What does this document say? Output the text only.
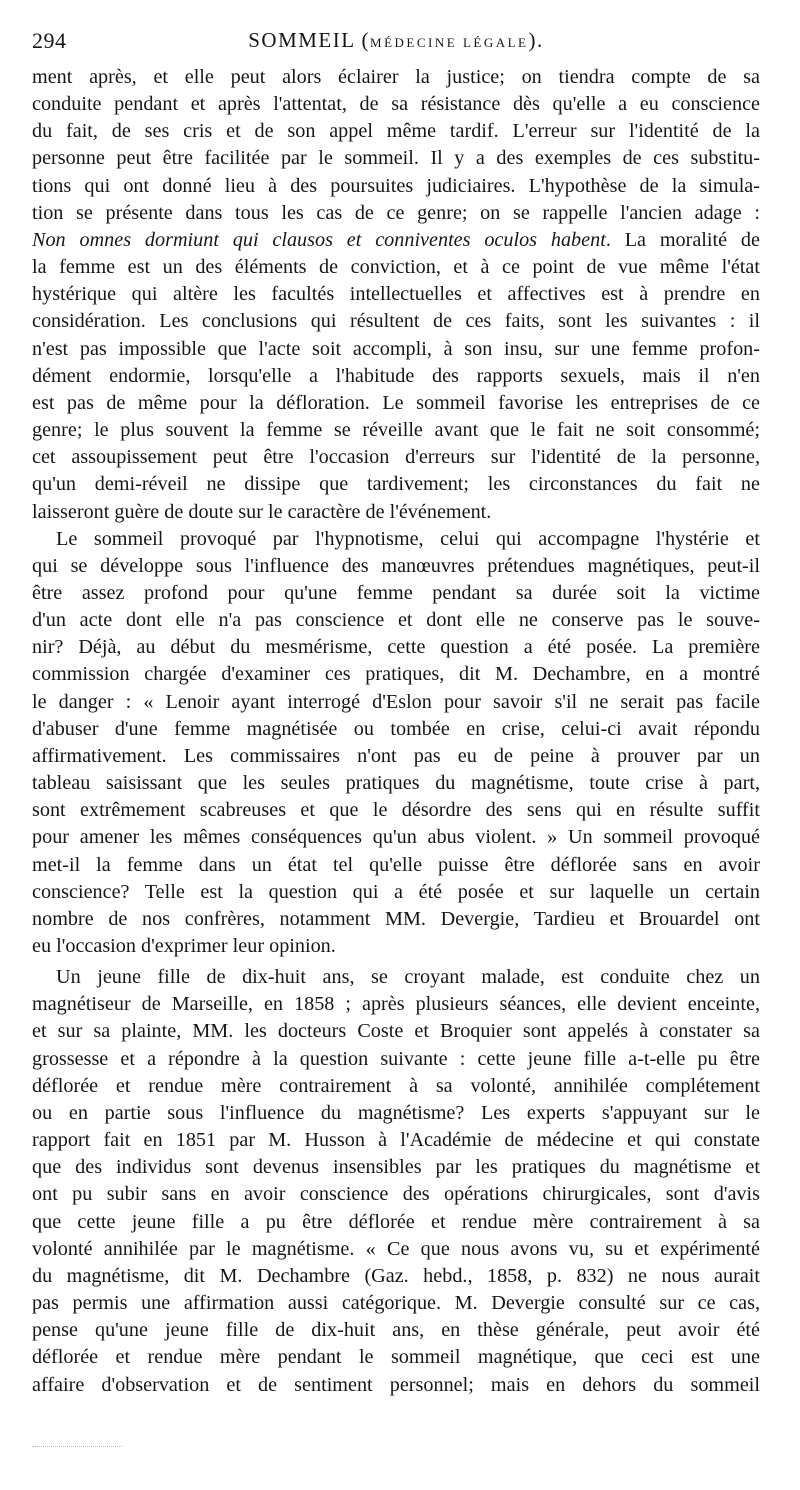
294	SOMMEIL (MÉDECINE LÉGALE).

ment après, et elle peut alors éclairer la justice; on tiendra compte de sa

conduite pendant et après l'attentat, de sa résistance dès qu'elle a eu conscience

du fait, de ses cris et de son appel même tardif. L'erreur sur l'identité de la

personne peut être facilitée par le sommeil. Il y a des exemples de ces substitu-

tions qui ont donné lieu à des poursuites judiciaires. L'hypothèse de la simula-

tion se présente dans tous les cas de ce genre; on se rappelle l'ancien adage :

Non omnes dormiunt qui clausos et conniventes oculos habent. La moralité de

la femme est un des éléments de conviction, et à ce point de vue même l'état

hystérique qui altère les facultés intellectuelles et affectives est à prendre en

considération. Les conclusions qui résultent de ces faits, sont les suivantes : il

n'est pas impossible que l'acte soit accompli, à son insu, sur une femme profon-

dément endormie, lorsqu'elle a l'habitude des rapports sexuels, mais il n'en

est pas de même pour la défloration. Le sommeil favorise les entreprises de ce

genre; le plus souvent la femme se réveille avant que le fait ne soit consommé;

cet assoupissement peut être l'occasion d'erreurs sur l'identité de la personne,

qu'un demi-réveil ne dissipe que tardivement; les circonstances du fait ne

laisseront guère de doute sur le caractère de l'événement.

Le sommeil provoqué par l'hypnotisme, celui qui accompagne l'hystérie et

qui se développe sous l'influence des manœuvres prétendues magnétiques, peut-il

être assez profond pour qu'une femme pendant sa durée soit la victime

d'un acte dont elle n'a pas conscience et dont elle ne conserve pas le souve-

nir? Déjà, au début du mesmérisme, cette question a été posée. La première

commission chargée d'examiner ces pratiques, dit M. Dechambre, en a montré

le danger : « Lenoir ayant interrogé d'Eslon pour savoir s'il ne serait pas facile

d'abuser d'une femme magnétisée ou tombée en crise, celui-ci avait répondu

affirmativement. Les commissaires n'ont pas eu de peine à prouver par un

tableau saisissant que les seules pratiques du magnétisme, toute crise à part,

sont extrêmement scabreuses et que le désordre des sens qui en résulte suffit

pour amener les mêmes conséquences qu'un abus violent. » Un sommeil provoqué

met-il la femme dans un état tel qu'elle puisse être déflorée sans en avoir

conscience? Telle est la question qui a été posée et sur laquelle un certain

nombre de nos confrères, notamment MM. Devergie, Tardieu et Brouardel ont

eu l'occasion d'exprimer leur opinion.

Un jeune fille de dix-huit ans, se croyant malade, est conduite chez un

magnétiseur de Marseille, en 1858 ; après plusieurs séances, elle devient enceinte,

et sur sa plainte, MM. les docteurs Coste et Broquier sont appelés à constater sa

grossesse et a répondre à la question suivante : cette jeune fille a-t-elle pu être

déflorée et rendue mère contrairement à sa volonté, annihilée complétement

ou en partie sous l'influence du magnétisme? Les experts s'appuyant sur le

rapport fait en 1851 par M. Husson à l'Académie de médecine et qui constate

que des individus sont devenus insensibles par les pratiques du magnétisme et

ont pu subir sans en avoir conscience des opérations chirurgicales, sont d'avis

que cette jeune fille a pu être déflorée et rendue mère contrairement à sa

volonté annihilée par le magnétisme. « Ce que nous avons vu, su et expérimenté

du magnétisme, dit M. Dechambre (Gaz. hebd., 1858, p. 832) ne nous aurait

pas permis une affirmation aussi catégorique. M. Devergie consulté sur ce cas,

pense qu'une jeune fille de dix-huit ans, en thèse générale, peut avoir été

déflorée et rendue mère pendant le sommeil magnétique, que ceci est une

affaire d'observation et de sentiment personnel; mais en dehors du sommeil
